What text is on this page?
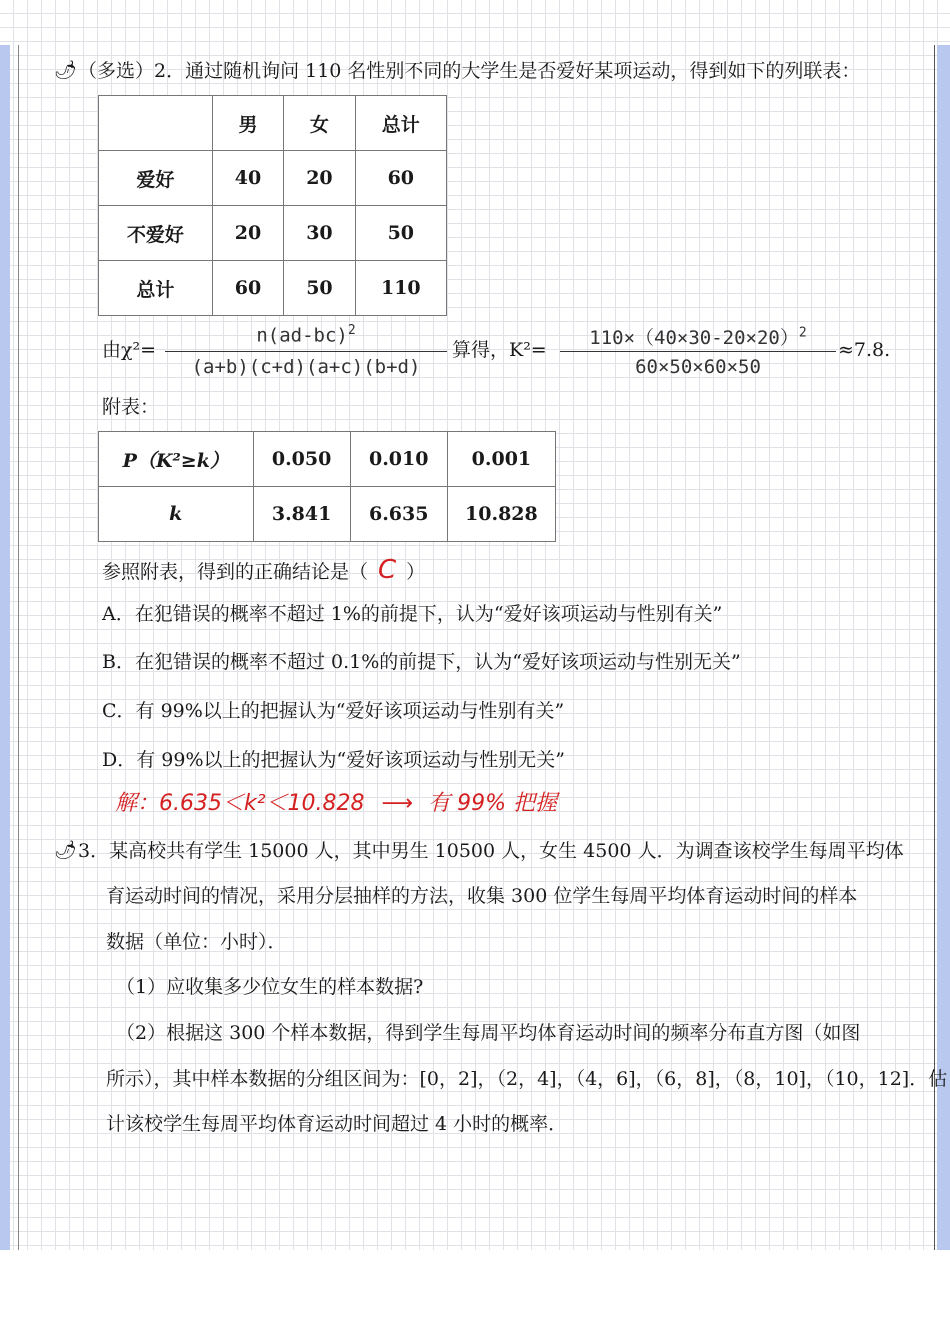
🌶 （多选）2．通过随机询问 110 名性别不同的大学生是否爱好某项运动，得到如下的列联表：
	男	女	总计
爱好	40	20	60
不爱好	20	30	50
总计	60	50	110
由χ²=
$n(ad-bc)^2$
(a+b)(c+d)(a+c)(b+d)
算得，K²=
$110\times(40\times 30-20\times 20)^2$
60×50×60×50
≈7.8.
附表：
P（K²≥k）	0.050	0.010	0.001
k	3.841	6.635	10.828
参照附表，得到的正确结论是（ C ）
A．在犯错误的概率不超过 1%的前提下，认为“爱好该项运动与性别有关”
B．在犯错误的概率不超过 0.1%的前提下，认为“爱好该项运动与性别无关”
C．有 99%以上的把握认为“爱好该项运动与性别有关”
D．有 99%以上的把握认为“爱好该项运动与性别无关”
解：6.635＜k²＜10.828 ⟶ 有 99% 把握
🌶 3．某高校共有学生 15000 人，其中男生 10500 人，女生 4500 人．为调查该校学生每周平均体
育运动时间的情况，采用分层抽样的方法，收集 300 位学生每周平均体育运动时间的样本
数据（单位：小时）．
（1）应收集多少位女生的样本数据?
（2）根据这 300 个样本数据，得到学生每周平均体育运动时间的频率分布直方图（如图
所示），其中样本数据的分组区间为：[0，2]，（2，4]，（4，6]，（6，8]，（8，10]，（10，12]．估
计该校学生每周平均体育运动时间超过 4 小时的概率．
